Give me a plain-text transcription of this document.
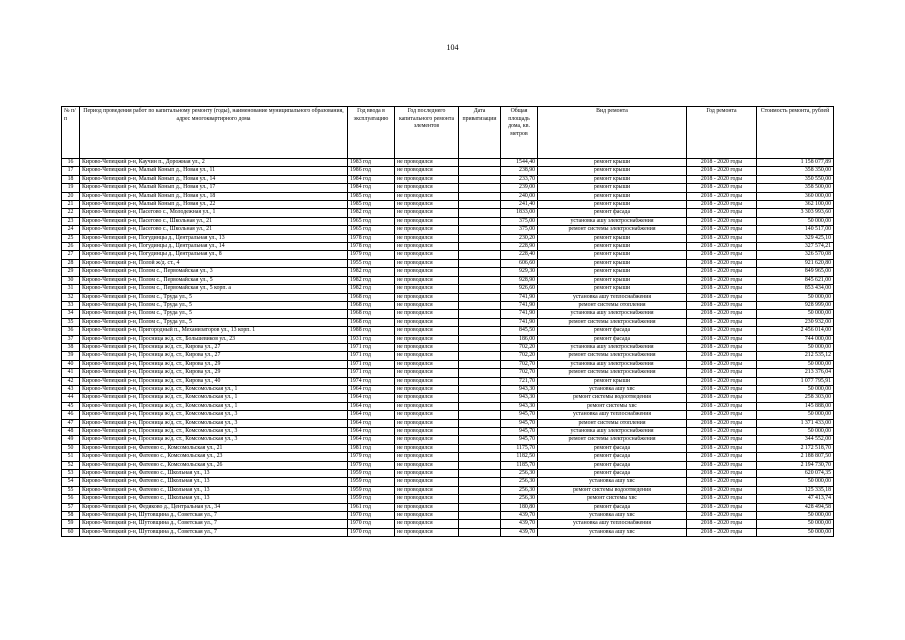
104
№ п/п	Период проведения работ по капитальному ремонту (годы), наименование муниципального образования, адрес многоквартирного дома	Год ввода в эксплуатацию	Год последнего капитального ремонта элементов	Дата приватизации	Общая площадь дома, кв. метров	Вид ремонта	Год ремонта	Стоимость ремонта, рублей
16	Кирово-Чепецкий р-н, Каучин п., Дорожная ул., 2	1983 год	не проводился		1544,40	ремонт крыши	2018 - 2020 годы	1 158 077,89
17	Кирово-Чепецкий р-н, Малый Конып д., Новая ул., 11	1986 год	не проводился		238,90	ремонт крыши	2018 - 2020 годы	358 350,00
18	Кирово-Чепецкий р-н, Малый Конып д., Новая ул., 14	1984 год	не проводился		233,70	ремонт крыши	2018 - 2020 годы	350 550,00
19	Кирово-Чепецкий р-н, Малый Конып д., Новая ул., 17	1984 год	не проводился		239,00	ремонт крыши	2018 - 2020 годы	358 500,00
20	Кирово-Чепецкий р-н, Малый Конып д., Новая ул., 18	1985 год	не проводился		240,00	ремонт крыши	2018 - 2020 годы	360 000,00
21	Кирово-Чепецкий р-н, Малый Конып д., Новая ул., 22	1985 год	не проводился		241,40	ремонт крыши	2018 - 2020 годы	362 100,00
22	Кирово-Чепецкий р-н, Пасегово с., Молодежная ул., 1	1982 год	не проводился		1833,00	ремонт фасада	2018 - 2020 годы	3 303 993,60
23	Кирово-Чепецкий р-н, Пасегово с., Школьная ул., 21	1965 год	не проводился		375,00	установка ашу электроснабжения	2018 - 2020 годы	50 000,00
24	Кирово-Чепецкий р-н, Пасегово с., Школьная ул., 21	1965 год	не проводился		375,00	ремонт системы электроснабжения	2018 - 2020 годы	140 517,00
25	Кирово-Чепецкий р-н, Погудинцы д., Центральная ул., 13	1978 год	не проводился		230,20	ремонт крыши	2018 - 2020 годы	329 425,10
26	Кирово-Чепецкий р-н, Погудинцы д., Центральная ул., 14	1978 год	не проводился		228,90	ремонт крыши	2018 - 2020 годы	327 574,21
27	Кирово-Чепецкий р-н, Погудинцы д., Центральная ул., 8	1979 год	не проводился		228,40	ремонт крыши	2018 - 2020 годы	326 570,08
28	Кирово-Чепецкий р-н, Полой ж/д. ст., 4	1955 год	не проводился		606,60	ремонт крыши	2018 - 2020 годы	921 620,80
29	Кирово-Чепецкий р-н, Полом с., Первомайская ул., 3	1982 год	не проводился		929,30	ремонт крыши	2018 - 2020 годы	849 965,00
30	Кирово-Чепецкий р-н, Полом с., Первомайская ул., 5	1982 год	не проводился		928,90	ремонт крыши	2018 - 2020 годы	845 621,00
31	Кирово-Чепецкий р-н, Полом с., Первомайская ул., 5 корп. а	1982 год	не проводился		926,60	ремонт крыши	2018 - 2020 годы	853 434,00
32	Кирово-Чепецкий р-н, Полом с., Труда ул., 5	1968 год	не проводился		741,90	установка ашу теплоснабжения	2018 - 2020 годы	50 000,00
33	Кирово-Чепецкий р-н, Полом с., Труда ул., 5	1968 год	не проводился		741,90	ремонт системы отопления	2018 - 2020 годы	928 999,00
34	Кирово-Чепецкий р-н, Полом с., Труда ул., 5	1968 год	не проводился		741,90	установка ашу электроснабжения	2018 - 2020 годы	50 000,00
35	Кирово-Чепецкий р-н, Полом с., Труда ул., 5	1968 год	не проводился		741,90	ремонт системы электроснабжения	2018 - 2020 годы	230 932,00
36	Кирово-Чепецкий р-н, Пригородный п., Механизаторов ул., 13 корп. 1	1988 год	не проводился		845,50	ремонт фасада	2018 - 2020 годы	2 456 014,00
37	Кирово-Чепецкий р-н, Просница ж/д. ст., Большевиков ул., 23	1931 год	не проводился		186,00	ремонт фасада	2018 - 2020 годы	744 000,00
38	Кирово-Чепецкий р-н, Просница ж/д. ст., Кирова ул., 27	1971 год	не проводился		702,20	установка ашу электроснабжения	2018 - 2020 годы	50 000,00
39	Кирово-Чепецкий р-н, Просница ж/д. ст., Кирова ул., 27	1971 год	не проводился		702,20	ремонт системы электроснабжения	2018 - 2020 годы	212 535,12
40	Кирово-Чепецкий р-н, Просница ж/д. ст., Кирова ул., 29	1971 год	не проводился		702,70	установка ашу электроснабжения	2018 - 2020 годы	50 000,00
41	Кирово-Чепецкий р-н, Просница ж/д. ст., Кирова ул., 29	1971 год	не проводился		702,70	ремонт системы электроснабжения	2018 - 2020 годы	213 376,04
42	Кирово-Чепецкий р-н, Просница ж/д. ст., Кирова ул., 40	1974 год	не проводился		721,70	ремонт крыши	2018 - 2020 годы	1 077 795,91
43	Кирово-Чепецкий р-н, Просница ж/д. ст., Комсомольская ул., 1	1964 год	не проводился		943,30	установка ашу хвс	2018 - 2020 годы	50 000,00
44	Кирово-Чепецкий р-н, Просница ж/д. ст., Комсомольская ул., 1	1964 год	не проводился		943,30	ремонт системы водоотведения	2018 - 2020 годы	258 303,00
45	Кирово-Чепецкий р-н, Просница ж/д. ст., Комсомольская ул., 1	1964 год	не проводился		943,30	ремонт системы хвс	2018 - 2020 годы	145 888,00
46	Кирово-Чепецкий р-н, Просница ж/д. ст., Комсомольская ул., 3	1964 год	не проводился		945,70	установка ашу теплоснабжения	2018 - 2020 годы	50 000,00
47	Кирово-Чепецкий р-н, Просница ж/д. ст., Комсомольская ул., 3	1964 год	не проводился		945,70	ремонт системы отопления	2018 - 2020 годы	1 371 433,00
48	Кирово-Чепецкий р-н, Просница ж/д. ст., Комсомольская ул., 3	1964 год	не проводился		945,70	установка ашу электроснабжения	2018 - 2020 годы	50 000,00
49	Кирово-Чепецкий р-н, Просница ж/д. ст., Комсомольская ул., 3	1964 год	не проводился		945,70	ремонт системы электроснабжения	2018 - 2020 годы	344 552,00
50	Кирово-Чепецкий р-н, Фатеево с., Комсомольская ул., 21	1981 год	не проводился		1175,70	ремонт фасада	2018 - 2020 годы	2 172 518,70
51	Кирово-Чепецкий р-н, Фатеево с., Комсомольская ул., 23	1979 год	не проводился		1182,50	ремонт фасада	2018 - 2020 годы	2 188 807,50
52	Кирово-Чепецкий р-н, Фатеево с., Комсомольская ул., 26	1979 год	не проводился		1185,70	ремонт фасада	2018 - 2020 годы	2 194 730,70
53	Кирово-Чепецкий р-н, Фатеево с., Школьная ул., 13	1959 год	не проводился		256,30	ремонт фасада	2018 - 2020 годы	620 074,35
54	Кирово-Чепецкий р-н, Фатеево с., Школьная ул., 13	1959 год	не проводился		256,30	установка ашу хвс	2018 - 2020 годы	50 000,00
55	Кирово-Чепецкий р-н, Фатеево с., Школьная ул., 13	1959 год	не проводился		256,30	ремонт системы водоотведения	2018 - 2020 годы	125 335,18
56	Кирово-Чепецкий р-н, Фатеево с., Школьная ул., 13	1959 год	не проводился		256,30	ремонт системы хвс	2018 - 2020 годы	47 413,74
57	Кирово-Чепецкий р-н, Федяково д., Центральная ул., 34	1961 год	не проводился		180,80	ремонт фасада	2018 - 2020 годы	428 494,58
58	Кирово-Чепецкий р-н, Шутовщина д., Советская ул., 7	1970 год	не проводился		439,70	установка ашу хвс	2018 - 2020 годы	50 000,00
59	Кирово-Чепецкий р-н, Шутовщина д., Советская ул., 7	1970 год	не проводился		439,70	установка ашу теплоснабжения	2018 - 2020 годы	50 000,00
60	Кирово-Чепецкий р-н, Шутовщина д., Советская ул., 7	1970 год	не проводился		439,70	установка ашу хвс	2018 - 2020 годы	50 000,00
